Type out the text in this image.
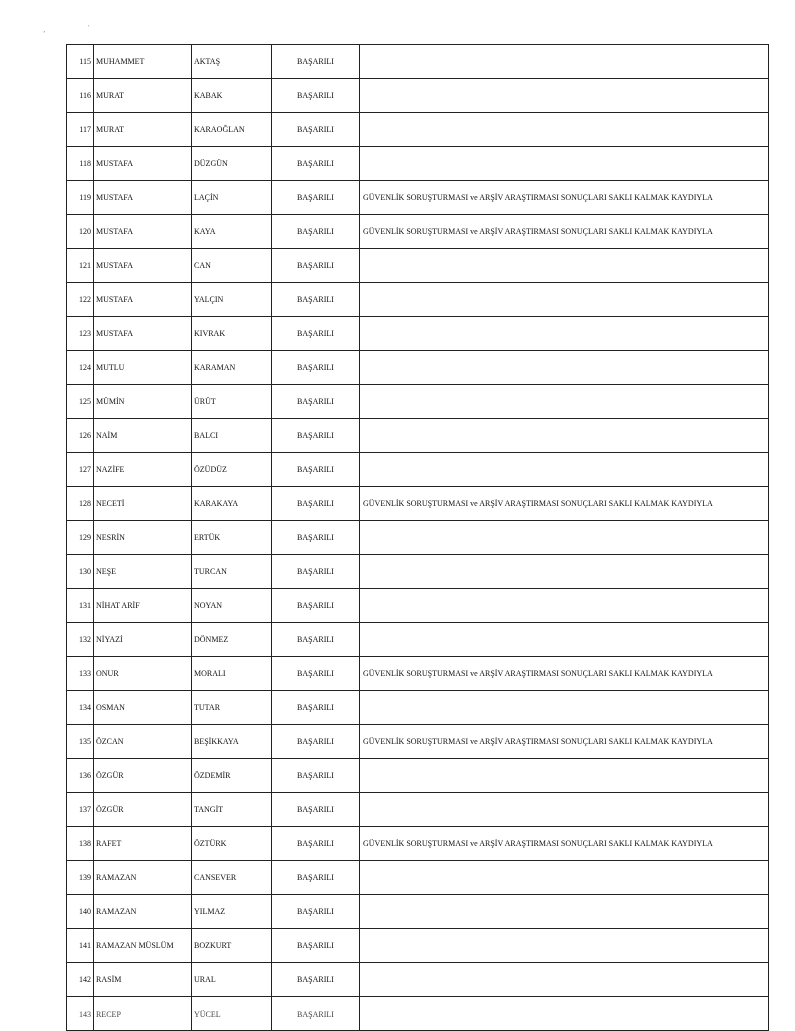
ʼ
'
115	MUHAMMET	AKTAŞ	BAŞARILI	
116	MURAT	KABAK	BAŞARILI	
117	MURAT	KARAOĞLAN	BAŞARILI	
118	MUSTAFA	DÜZGÜN	BAŞARILI	
119	MUSTAFA	LAÇİN	BAŞARILI	GÜVENLİK SORUŞTURMASI ve ARŞİV ARAŞTIRMASI SONUÇLARI SAKLI KALMAK KAYDIYLA
120	MUSTAFA	KAYA	BAŞARILI	GÜVENLİK SORUŞTURMASI ve ARŞİV ARAŞTIRMASI SONUÇLARI SAKLI KALMAK KAYDIYLA
121	MUSTAFA	CAN	BAŞARILI	
122	MUSTAFA	YALÇIN	BAŞARILI	
123	MUSTAFA	KIVRAK	BAŞARILI	
124	MUTLU	KARAMAN	BAŞARILI	
125	MÜMİN	ÜRÜT	BAŞARILI	
126	NAİM	BALCI	BAŞARILI	
127	NAZİFE	ÖZÜDÜZ	BAŞARILI	
128	NECETİ	KARAKAYA	BAŞARILI	GÜVENLİK SORUŞTURMASI ve ARŞİV ARAŞTIRMASI SONUÇLARI SAKLI KALMAK KAYDIYLA
129	NESRİN	ERTÜK	BAŞARILI	
130	NEŞE	TURCAN	BAŞARILI	
131	NİHAT ARİF	NOYAN	BAŞARILI	
132	NİYAZİ	DÖNMEZ	BAŞARILI	
133	ONUR	MORALI	BAŞARILI	GÜVENLİK SORUŞTURMASI ve ARŞİV ARAŞTIRMASI SONUÇLARI SAKLI KALMAK KAYDIYLA
134	OSMAN	TUTAR	BAŞARILI	
135	ÖZCAN	BEŞİKKAYA	BAŞARILI	GÜVENLİK SORUŞTURMASI ve ARŞİV ARAŞTIRMASI SONUÇLARI SAKLI KALMAK KAYDIYLA
136	ÖZGÜR	ÖZDEMİR	BAŞARILI	
137	ÖZGÜR	TANGİT	BAŞARILI	
138	RAFET	ÖZTÜRK	BAŞARILI	GÜVENLİK SORUŞTURMASI ve ARŞİV ARAŞTIRMASI SONUÇLARI SAKLI KALMAK KAYDIYLA
139	RAMAZAN	CANSEVER	BAŞARILI	
140	RAMAZAN	YILMAZ	BAŞARILI	
141	RAMAZAN MÜSLÜM	BOZKURT	BAŞARILI	
142	RASİM	URAL	BAŞARILI	
143	RECEP	YÜCEL	BAŞARILI	
